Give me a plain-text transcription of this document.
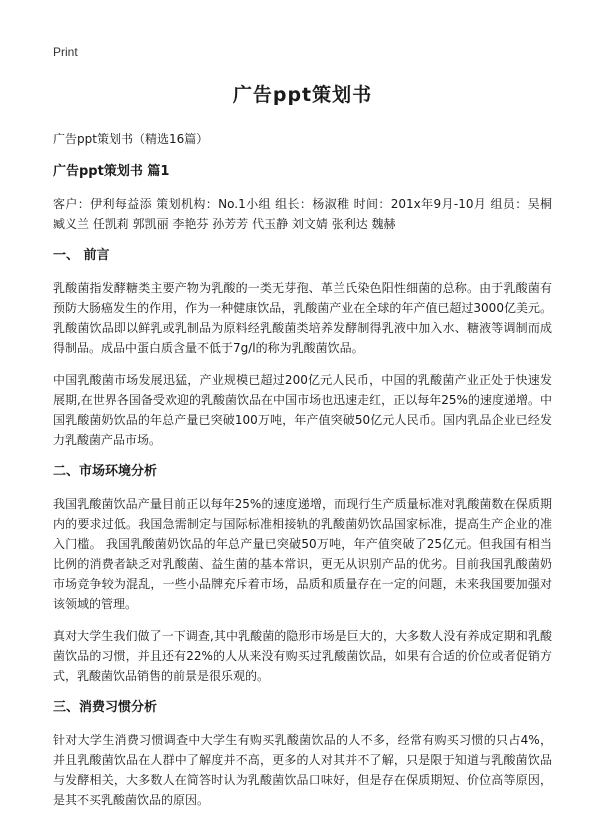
Print
广告ppt策划书
广告ppt策划书（精选16篇）
广告ppt策划书 篇1

客户：伊利每益添 策划机构：No.1小组 组长：杨淑稚 时间：201x年9月-10月 组员：吴桐 臧义兰 任凯莉 郭凯丽 李艳芬 孙芳芳 代玉静 刘文婧 张利达 魏赫

一、 前言

乳酸菌指发酵糖类主要产物为乳酸的一类无芽孢、革兰氏染色阳性细菌的总称。由于乳酸菌有预防大肠癌发生的作用，作为一种健康饮品，乳酸菌产业在全球的年产值已超过3000亿美元。乳酸菌饮品即以鲜乳或乳制品为原料经乳酸菌类培养发酵制得乳液中加入水、糖液等调制而成得制品。成品中蛋白质含量不低于7g/l的称为乳酸菌饮品。

中国乳酸菌市场发展迅猛，产业规模已超过200亿元人民币，中国的乳酸菌产业正处于快速发展期,在世界各国备受欢迎的乳酸菌饮品在中国市场也迅速走红，正以每年25%的速度递增。中国乳酸菌奶饮品的年总产量已突破100万吨，年产值突破50亿元人民币。国内乳品企业已经发力乳酸菌产品市场。

二、市场环境分析

我国乳酸菌饮品产量目前正以每年25%的速度递增，而现行生产质量标准对乳酸菌数在保质期内的要求过低。我国急需制定与国际标准相接轨的乳酸菌奶饮品国家标准，提高生产企业的准入门槛。 我国乳酸菌奶饮品的年总产量已突破50万吨，年产值突破了25亿元。但我国有相当比例的消费者缺乏对乳酸菌、益生菌的基本常识，更无从识别产品的优劣。目前我国乳酸菌奶市场竞争较为混乱，一些小品牌充斥着市场，品质和质量存在一定的问题，未来我国要加强对该领域的管理。

真对大学生我们做了一下调查,其中乳酸菌的隐形市场是巨大的，大多数人没有养成定期和乳酸菌饮品的习惯，并且还有22%的人从来没有购买过乳酸菌饮品，如果有合适的价位或者促销方式，乳酸菌饮品销售的前景是很乐观的。

三、消费习惯分析

针对大学生消费习惯调查中大学生有购买乳酸菌饮品的人不多，经常有购买习惯的只占4%，并且乳酸菌饮品在人群中了解度并不高，更多的人对其并不了解，只是限于知道与乳酸菌饮品与发酵相关，大多数人在简答时认为乳酸菌饮品口味好，但是存在保质期短、价位高等原因，是其不买乳酸菌饮品的原因。
